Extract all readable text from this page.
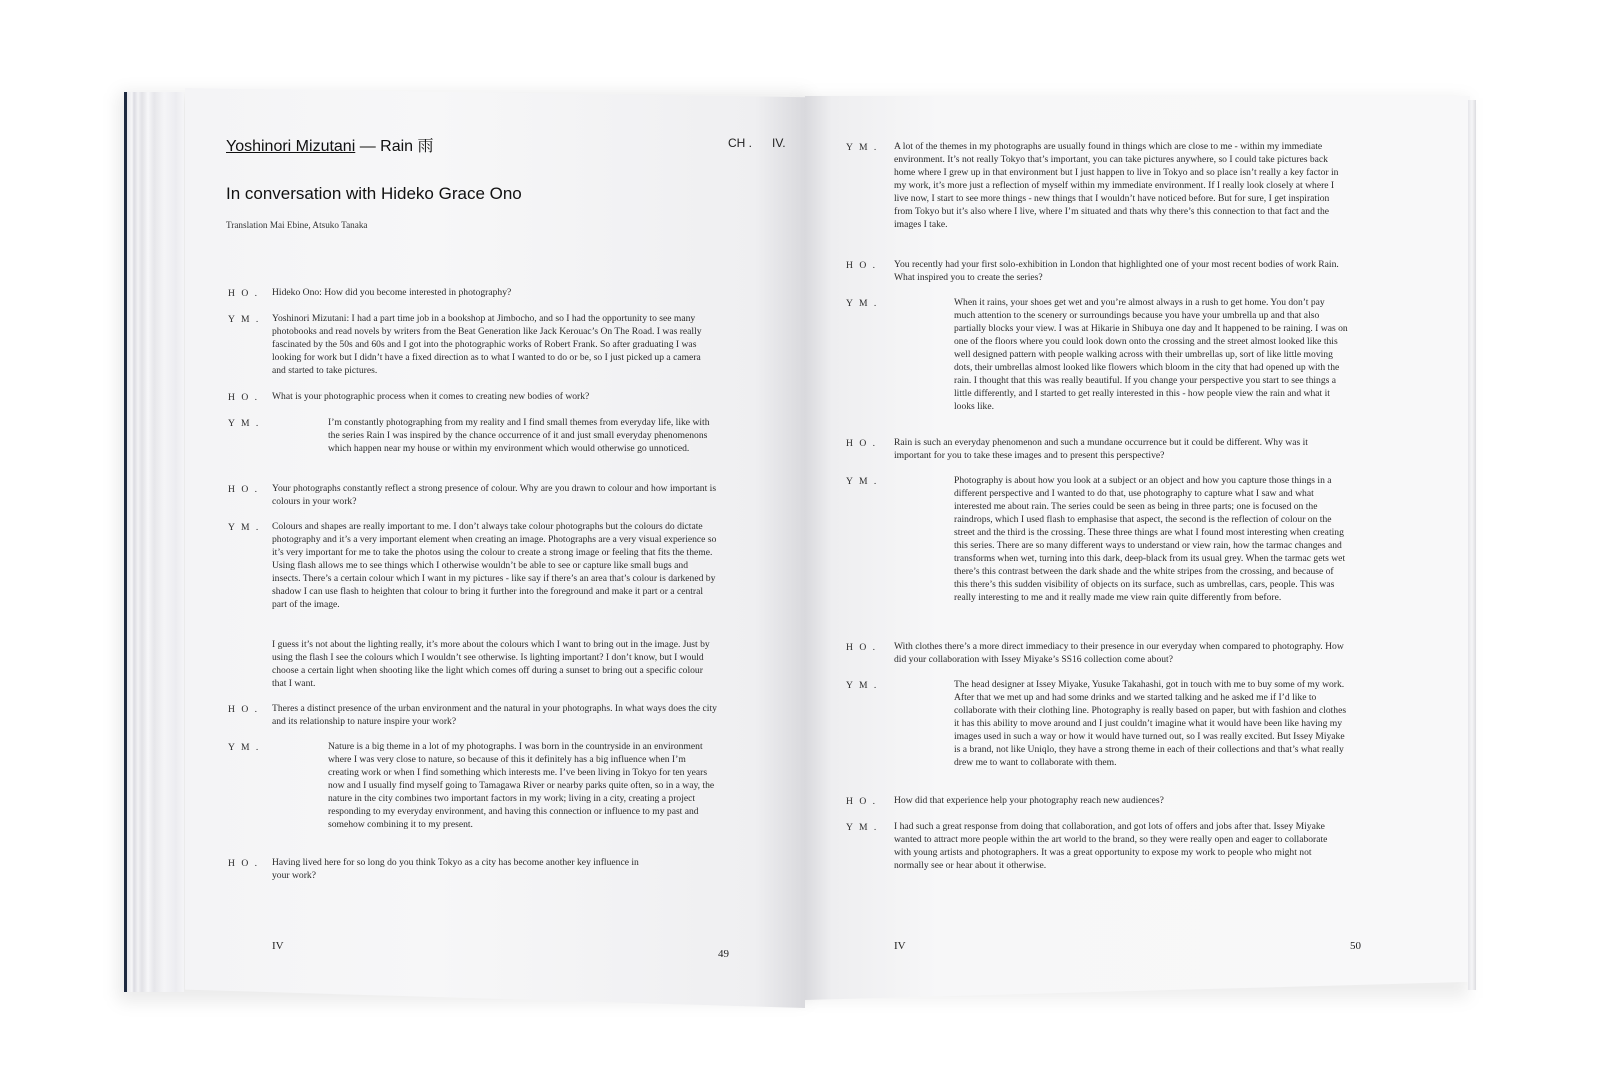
Yoshinori Mizutani — Rain 雨	CH . IV.
In conversation with Hideko Grace Ono
Translation Mai Ebine, Atsuko Tanaka
H O . Hideko Ono: How did you become interested in photography?
Y M . Yoshinori Mizutani: I had a part time job in a bookshop at Jimbocho, and so I had the opportunity to see many photobooks and read novels by writers from the Beat Generation like Jack Kerouac’s On The Road. I was really fascinated by the 50s and 60s and I got into the photographic works of Robert Frank. So after graduating I was looking for work but I didn’t have a fixed direction as to what I wanted to do or be, so I just picked up a camera and started to take pictures.
H O . What is your photographic process when it comes to creating new bodies of work?
Y M .	I’m constantly photographing from my reality and I find small themes from everyday life, like with the series Rain I was inspired by the chance occurrence of it and just small everyday phenomenons which happen near my house or within my environment which would otherwise go unnoticed.
H O . Your photographs constantly reflect a strong presence of colour. Why are you drawn to colour and how important is colours in your work?
Y M . Colours and shapes are really important to me. I don’t always take colour photographs but the colours do dictate photography and it’s a very important element when creating an image. Photographs are a very visual experience so it’s very important for me to take the photos using the colour to create a strong image or feeling that fits the theme. Using flash allows me to see things which I otherwise wouldn’t be able to see or capture like small bugs and insects. There’s a certain colour which I want in my pictures - like say if there’s an area that’s colour is darkened by shadow I can use flash to heighten that colour to bring it further into the foreground and make it part or a central part of the image.
I guess it’s not about the lighting really, it’s more about the colours which I want to bring out in the image. Just by using the flash I see the colours which I wouldn’t see otherwise. Is lighting important? I don’t know, but I would choose a certain light when shooting like the light which comes off during a sunset to bring out a specific colour that I want.
H O . Theres a distinct presence of the urban environment and the natural in your photographs. In what ways does the city and its relationship to nature inspire your work?
Y M .	Nature is a big theme in a lot of my photographs. I was born in the countryside in an environment where I was very close to nature, so because of this it definitely has a big influence when I’m creating work or when I find something which interests me. I’ve been living in Tokyo for ten years now and I usually find myself going to Tamagawa River or nearby parks quite often, so in a way, the nature in the city combines two important factors in my work; living in a city, creating a project responding to my everyday environment, and having this connection or influence to my past and somehow combining it to my present.
H O . Having lived here for so long do you think Tokyo as a city has become another key influence in your work?
IV
49
Y M . A lot of the themes in my photographs are usually found in things which are close to me - within my immediate environment. It’s not really Tokyo that’s important, you can take pictures anywhere, so I could take pictures back home where I grew up in that environment but I just happen to live in Tokyo and so place isn’t really a key factor in my work, it’s more just a reflection of myself within my immediate environment. If I really look closely at where I live now, I start to see more things - new things that I wouldn’t have noticed before. But for sure, I get inspiration from Tokyo but it’s also where I live, where I’m situated and thats why there’s this connection to that fact and the images I take.
H O . You recently had your first solo-exhibition in London that highlighted one of your most recent bodies of work Rain. What inspired you to create the series?
Y M .	When it rains, your shoes get wet and you’re almost always in a rush to get home. You don’t pay much attention to the scenery or surroundings because you have your umbrella up and that also partially blocks your view. I was at Hikarie in Shibuya one day and It happened to be raining. I was on one of the floors where you could look down onto the crossing and the street almost looked like this well designed pattern with people walking across with their umbrellas up, sort of like little moving dots, their umbrellas almost looked like flowers which bloom in the city that had opened up with the rain. I thought that this was really beautiful. If you change your perspective you start to see things a little differently, and I started to get really interested in this - how people view the rain and what it looks like.
H O . Rain is such an everyday phenomenon and such a mundane occurrence but it could be different. Why was it important for you to take these images and to present this perspective?
Y M .	Photography is about how you look at a subject or an object and how you capture those things in a different perspective and I wanted to do that, use photography to capture what I saw and what interested me about rain. The series could be seen as being in three parts; one is focused on the raindrops, which I used flash to emphasise that aspect, the second is the reflection of colour on the street and the third is the crossing. These three things are what I found most interesting when creating this series. There are so many different ways to understand or view rain, how the tarmac changes and transforms when wet, turning into this dark, deep-black from its usual grey. When the tarmac gets wet there’s this contrast between the dark shade and the white stripes from the crossing, and because of this there’s this sudden visibility of objects on its surface, such as umbrellas, cars, people. This was really interesting to me and it really made me view rain quite differently from before.
H O . With clothes there’s a more direct immediacy to their presence in our everyday when compared to photography. How did your collaboration with Issey Miyake’s SS16 collection come about?
Y M .	The head designer at Issey Miyake, Yusuke Takahashi, got in touch with me to buy some of my work. After that we met up and had some drinks and we started talking and he asked me if I’d like to collaborate with their clothing line. Photography is really based on paper, but with fashion and clothes it has this ability to move around and I just couldn’t imagine what it would have been like having my images used in such a way or how it would have turned out, so I was really excited. But Issey Miyake is a brand, not like Uniqlo, they have a strong theme in each of their collections and that’s what really drew me to want to collaborate with them.
H O . How did that experience help your photography reach new audiences?
Y M . I had such a great response from doing that collaboration, and got lots of offers and jobs after that. Issey Miyake wanted to attract more people within the art world to the brand, so they were really open and eager to collaborate with young artists and photographers. It was a great opportunity to expose my work to people who might not normally see or hear about it otherwise.
IV	50
